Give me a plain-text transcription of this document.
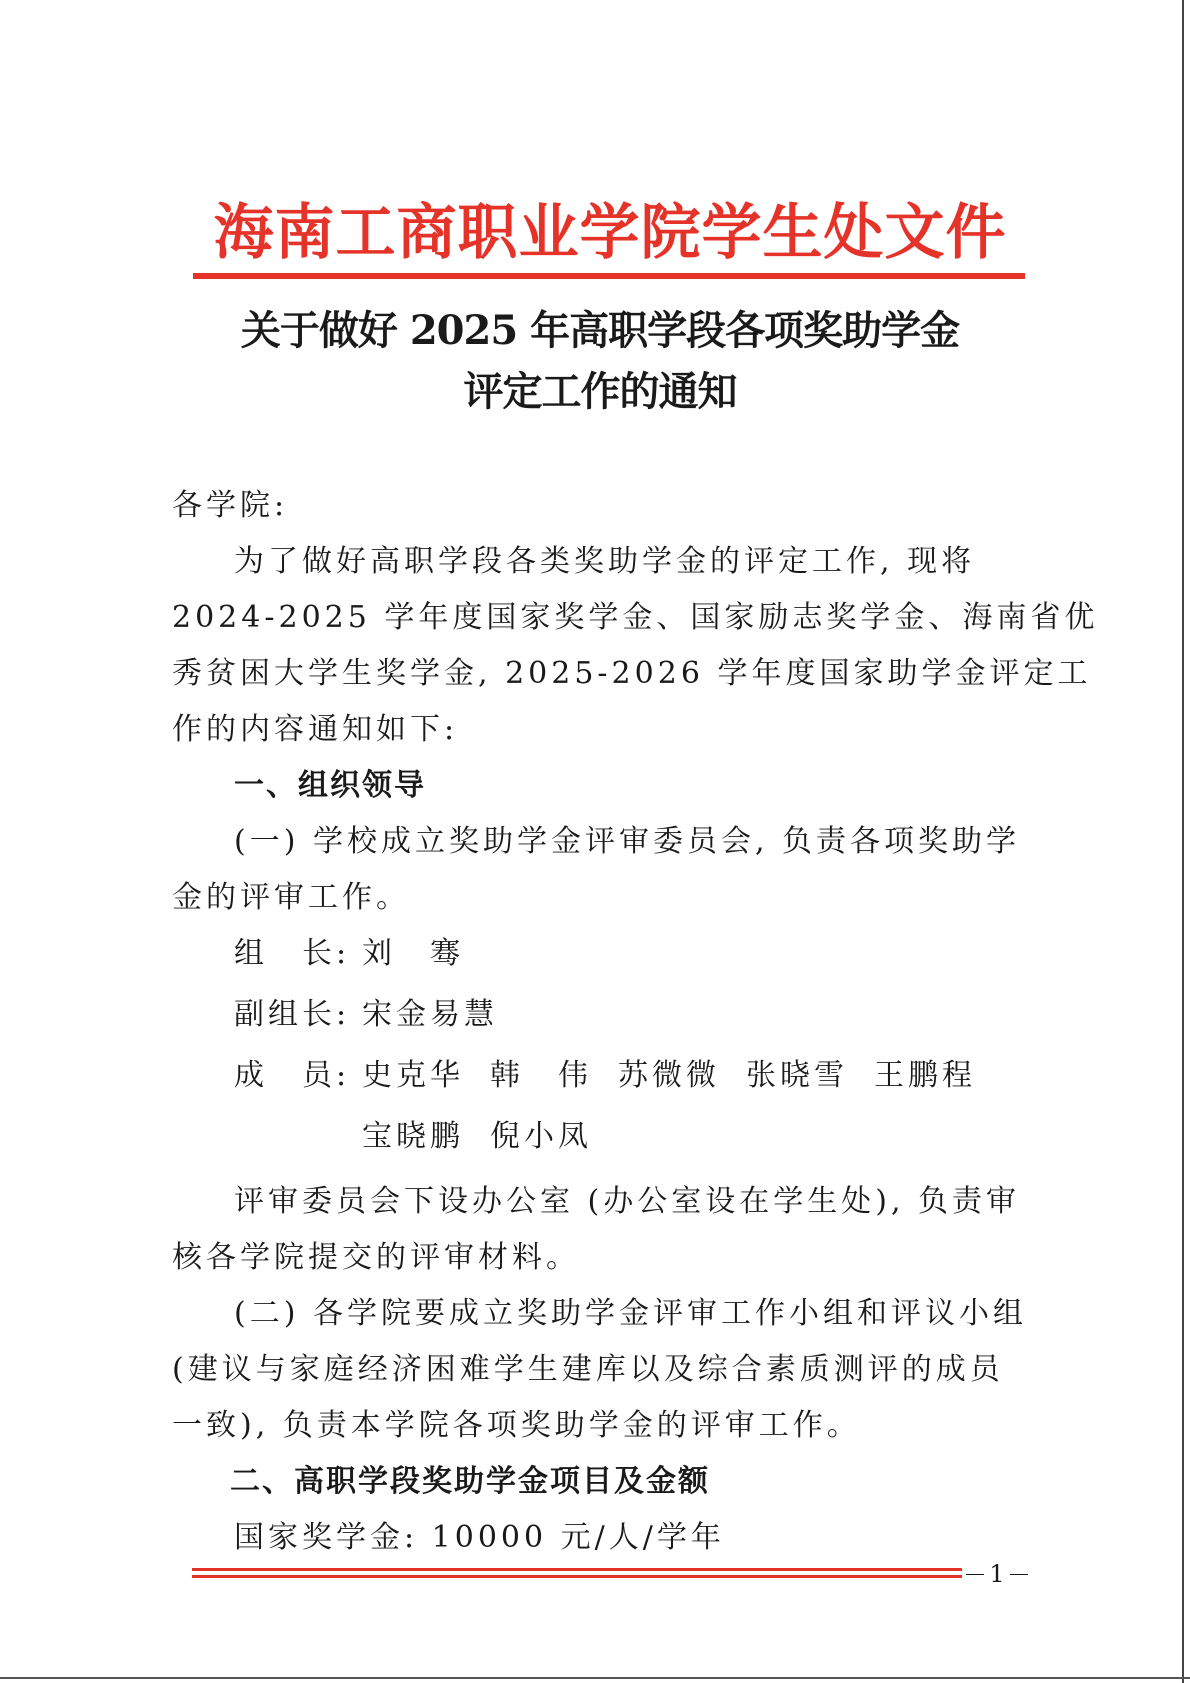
海南工商职业学院学生处文件
关于做好 2025 年高职学段各项奖助学金
评定工作的通知
各学院:
为了做好高职学段各类奖助学金的评定工作, 现将
2024-2025 学年度国家奖学金、国家励志奖学金、海南省优
秀贫困大学生奖学金, 2025-2026 学年度国家助学金评定工
作的内容通知如下:
一、组织领导
(一) 学校成立奖助学金评审委员会, 负责各项奖助学
金的评审工作。
组　长: 刘　骞
副组长: 宋金易慧
成　员: 史克华 韩　伟 苏微微 张晓雪 王鹏程
宝晓鹏 倪小凤
评审委员会下设办公室 (办公室设在学生处), 负责审
核各学院提交的评审材料。
(二) 各学院要成立奖助学金评审工作小组和评议小组
(建议与家庭经济困难学生建库以及综合素质测评的成员
一致), 负责本学院各项奖助学金的评审工作。
二、高职学段奖助学金项目及金额
国家奖学金: 10000 元/人/学年
1
